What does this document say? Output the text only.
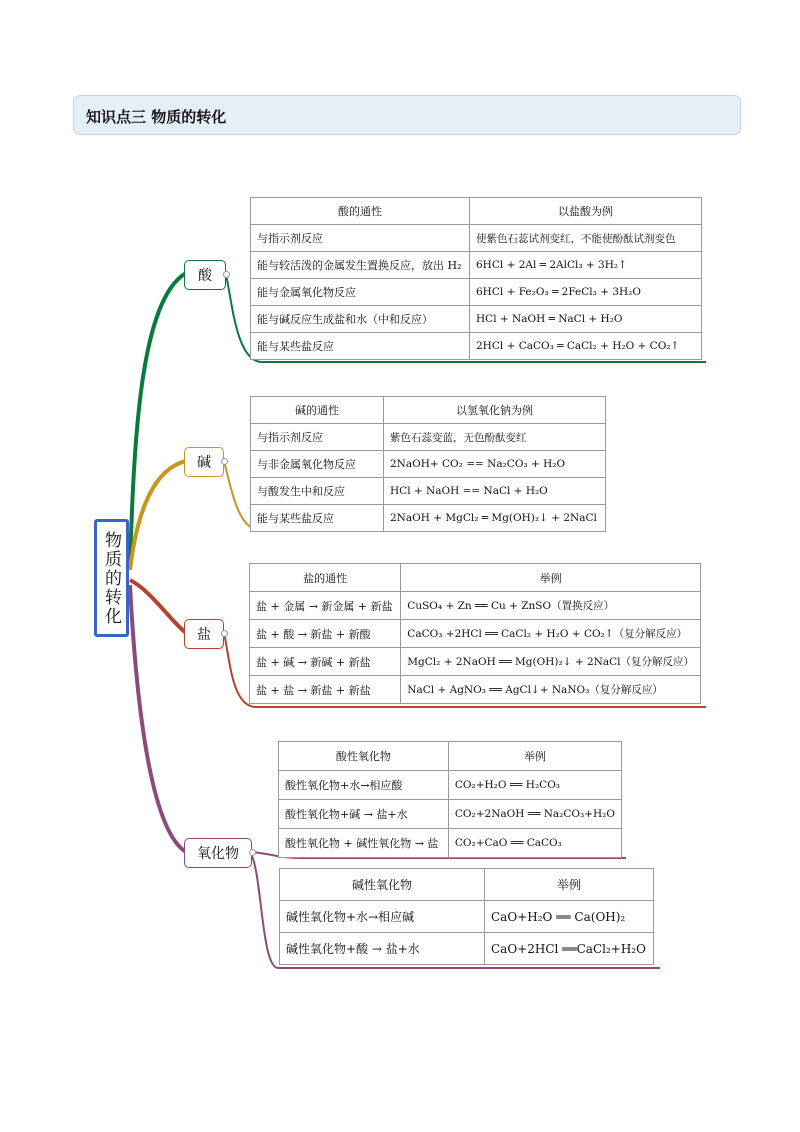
知识点三 物质的转化
物质的转化
酸
碱
盐
氧化物
酸的通性	以盐酸为例
与指示剂反应	使紫色石蕊试剂变红，不能使酚酞试剂变色
能与较活泼的金属发生置换反应，放出 H₂	6HCl + 2Al ═ 2AlCl₃ + 3H₂↑
能与金属氧化物反应	6HCl + Fe₂O₃ ═ 2FeCl₃ + 3H₂O
能与碱反应生成盐和水（中和反应）	HCl + NaOH ═ NaCl + H₂O
能与某些盐反应	2HCl + CaCO₃ ═ CaCl₂ + H₂O + CO₂↑
碱的通性	以氢氧化钠为例
与指示剂反应	紫色石蕊变蓝，无色酚酞变红
与非金属氧化物反应	2NaOH+ CO₂ == Na₂CO₃ + H₂O
与酸发生中和反应	HCl + NaOH == NaCl + H₂O
能与某些盐反应	2NaOH + MgCl₂ ═ Mg(OH)₂↓ + 2NaCl
盐的通性	举例
盐 + 金属 → 新金属 + 新盐	CuSO₄ + Zn ══ Cu + ZnSO（置换反应）
盐 + 酸 → 新盐 + 新酸	CaCO₃ +2HCl ══ CaCl₂ + H₂O + CO₂↑（复分解反应）
盐 + 碱 → 新碱 + 新盐	MgCl₂ + 2NaOH ══ Mg(OH)₂↓ + 2NaCl（复分解反应）
盐 + 盐 → 新盐 + 新盐	NaCl + AgNO₃ ══ AgCl↓+ NaNO₃（复分解反应）
酸性氧化物	举例
酸性氧化物+水→相应酸	CO₂+H₂O ══ H₂CO₃
酸性氧化物+碱 → 盐+水	CO₂+2NaOH ══ Na₂CO₃+H₂O
酸性氧化物 + 碱性氧化物 → 盐	CO₂+CaO ══ CaCO₃
碱性氧化物	举例
碱性氧化物+水→相应碱	CaO+H₂O ══ Ca(OH)₂
碱性氧化物+酸 → 盐+水	CaO+2HCl ══CaCl₂+H₂O
